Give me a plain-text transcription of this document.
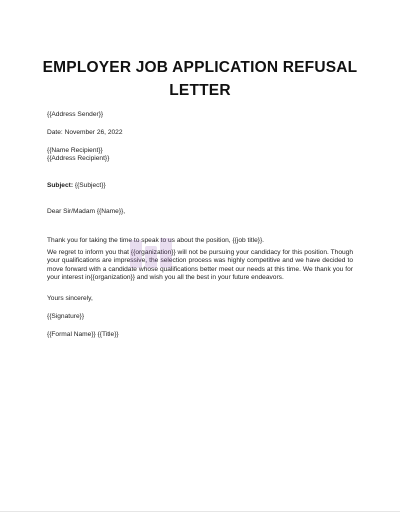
EMPLOYER JOB APPLICATION REFUSAL
LETTER
{{Address Sender}}
Date: November 26, 2022
{{Name Recipient}}
{{Address Recipient}}
Subject: {{Subject}}
Dear Sir/Madam {{Name}},
Thank you for taking the time to speak to us about the position, {{job title}}.
We regret to inform you that {{organization}} will not be pursuing your candidacy for this position. Though your qualifications are impressive, the selection process was highly competitive and we have decided to move forward with a candidate whose qualifications better meet our needs at this time. We thank you for your interest in{{organization}} and wish you all the best in your future endeavors.
Yours sincerely,
{{Signature}}
{{Formal Name}} {{Title}}
